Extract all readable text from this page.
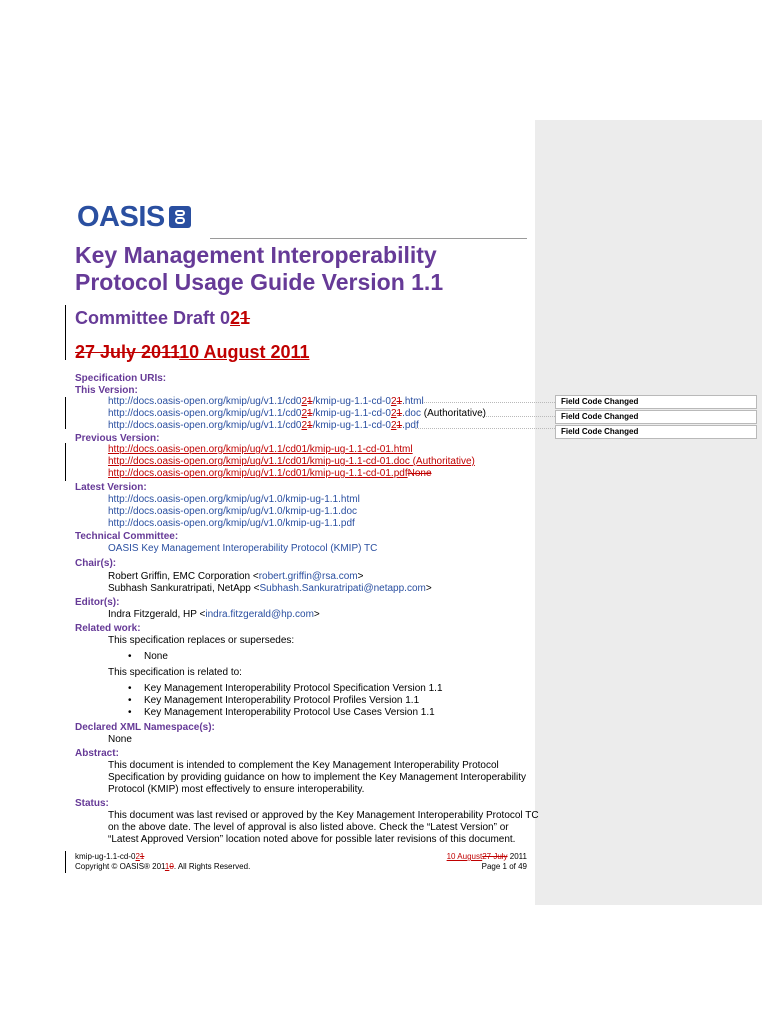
Field Code Changed
Field Code Changed
Field Code Changed
OASIS
Key Management Interoperability
Protocol Usage Guide Version 1.1
Committee Draft 021
27 July 201110 August 2011
Specification URIs:
This Version:
http://docs.oasis-open.org/kmip/ug/v1.1/cd021/kmip-ug-1.1-cd-021.html
http://docs.oasis-open.org/kmip/ug/v1.1/cd021/kmip-ug-1.1-cd-021.doc (Authoritative)
http://docs.oasis-open.org/kmip/ug/v1.1/cd021/kmip-ug-1.1-cd-021.pdf
Previous Version:
http://docs.oasis-open.org/kmip/ug/v1.1/cd01/kmip-ug-1.1-cd-01.html
http://docs.oasis-open.org/kmip/ug/v1.1/cd01/kmip-ug-1.1-cd-01.doc (Authoritative)
http://docs.oasis-open.org/kmip/ug/v1.1/cd01/kmip-ug-1.1-cd-01.pdfNone
Latest Version:
http://docs.oasis-open.org/kmip/ug/v1.0/kmip-ug-1.1.html
http://docs.oasis-open.org/kmip/ug/v1.0/kmip-ug-1.1.doc
http://docs.oasis-open.org/kmip/ug/v1.0/kmip-ug-1.1.pdf
Technical Committee:
OASIS Key Management Interoperability Protocol (KMIP) TC
Chair(s):
Robert Griffin, EMC Corporation <robert.griffin@rsa.com>
Subhash Sankuratripati, NetApp <Subhash.Sankuratripati@netapp.com>
Editor(s):
Indra Fitzgerald, HP <indra.fitzgerald@hp.com>
Related work:
This specification replaces or supersedes:
• None
This specification is related to:
• Key Management Interoperability Protocol Specification Version 1.1
• Key Management Interoperability Protocol Profiles Version 1.1
• Key Management Interoperability Protocol Use Cases Version 1.1
Declared XML Namespace(s):
None
Abstract:
This document is intended to complement the Key Management Interoperability Protocol
Specification by providing guidance on how to implement the Key Management Interoperability
Protocol (KMIP) most effectively to ensure interoperability.
Status:
This document was last revised or approved by the Key Management Interoperability Protocol TC
on the above date. The level of approval is also listed above. Check the “Latest Version” or
“Latest Approved Version” location noted above for possible later revisions of this document.
kmip-ug-1.1-cd-021
Copyright © OASIS® 20110. All Rights Reserved.
10 August27 July 2011
Page 1 of 49
